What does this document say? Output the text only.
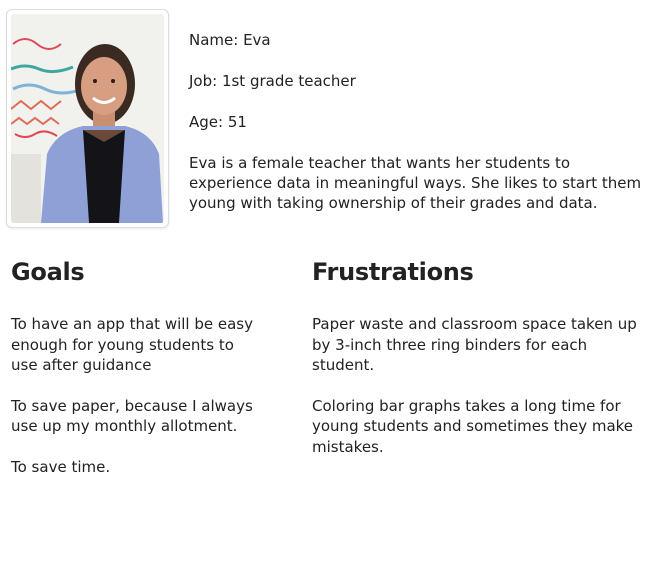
Name: Eva

Job: 1st grade teacher

Age: 51

Eva is a female teacher that wants her students to experience data in meaningful ways. She likes to start them young with taking ownership of their grades and data.

Goals

To have an app that will be easy enough for young students to use after guidance

To save paper, because I always use up my monthly allotment.

To save time.

Frustrations

Paper waste and classroom space taken up by 3-inch three ring binders for each student.

Coloring bar graphs takes a long time for young students and sometimes they make mistakes.
